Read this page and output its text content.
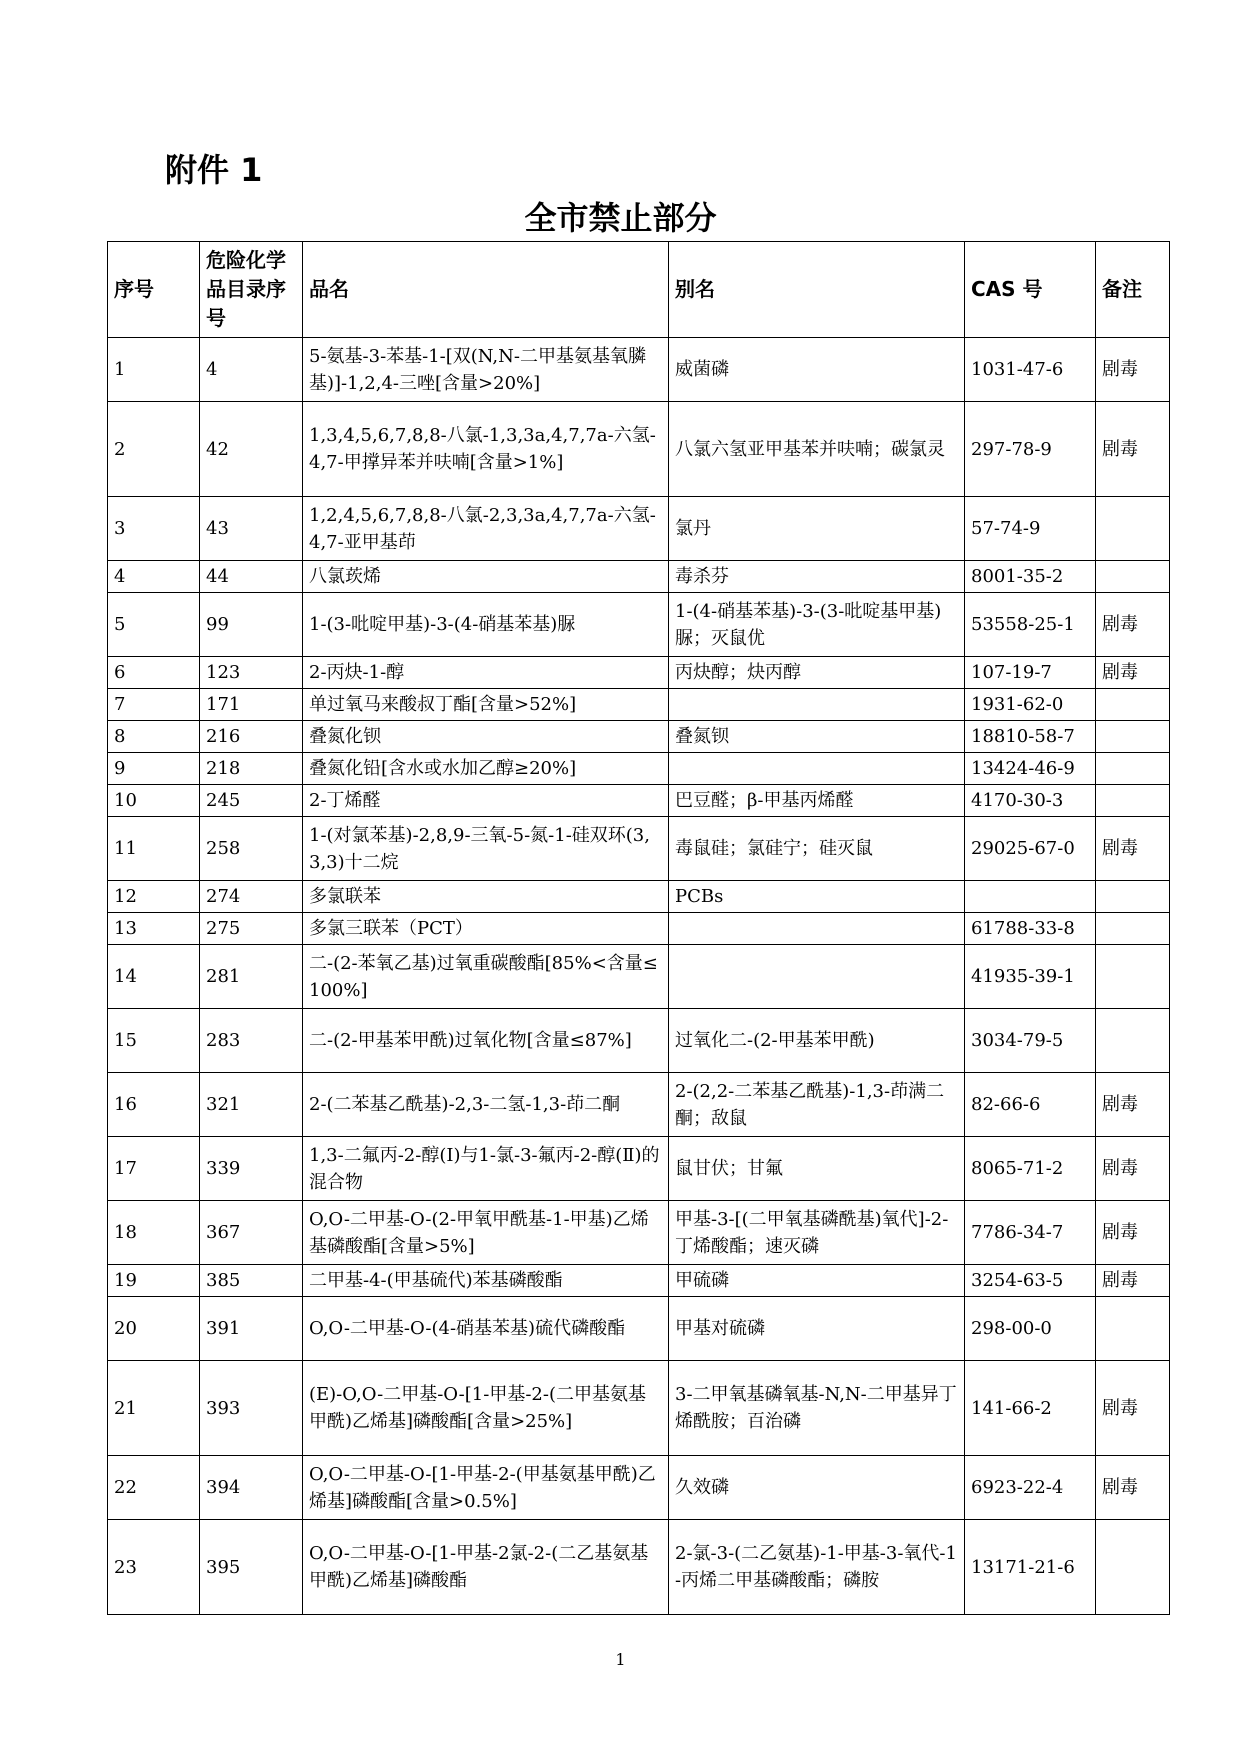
附件 1
全市禁止部分
序号	危险化学品目录序号	品名	别名	CAS 号	备注
1	4	5-氨基-3-苯基-1-[双(N,N-二甲基氨基氧膦基)]-1,2,4-三唑[含量>20%]	威菌磷	1031-47-6	剧毒
2	42	1,3,4,5,6,7,8,8-八氯-1,3,3a,4,7,7a-六氢-4,7-甲撑异苯并呋喃[含量>1%]	八氯六氢亚甲基苯并呋喃；碳氯灵	297-78-9	剧毒
3	43	1,2,4,5,6,7,8,8-八氯-2,3,3a,4,7,7a-六氢-4,7-亚甲基茚	氯丹	57-74-9	
4	44	八氯莰烯	毒杀芬	8001-35-2	
5	99	1-(3-吡啶甲基)-3-(4-硝基苯基)脲	1-(4-硝基苯基)-3-(3-吡啶基甲基)脲；灭鼠优	53558-25-1	剧毒
6	123	2-丙炔-1-醇	丙炔醇；炔丙醇	107-19-7	剧毒
7	171	单过氧马来酸叔丁酯[含量>52%]		1931-62-0	
8	216	叠氮化钡	叠氮钡	18810-58-7	
9	218	叠氮化铅[含水或水加乙醇≥20%]		13424-46-9	
10	245	2-丁烯醛	巴豆醛；β-甲基丙烯醛	4170-30-3	
11	258	1-(对氯苯基)-2,8,9-三氧-5-氮-1-硅双环(3,3,3)十二烷	毒鼠硅；氯硅宁；硅灭鼠	29025-67-0	剧毒
12	274	多氯联苯	PCBs		
13	275	多氯三联苯（PCT）		61788-33-8	
14	281	二-(2-苯氧乙基)过氧重碳酸酯[85%<含量≤100%]		41935-39-1	
15	283	二-(2-甲基苯甲酰)过氧化物[含量≤87%]	过氧化二-(2-甲基苯甲酰)	3034-79-5	
16	321	2-(二苯基乙酰基)-2,3-二氢-1,3-茚二酮	2-(2,2-二苯基乙酰基)-1,3-茚满二酮；敌鼠	82-66-6	剧毒
17	339	1,3-二氟丙-2-醇(Ⅰ)与1-氯-3-氟丙-2-醇(Ⅱ)的混合物	鼠甘伏；甘氟	8065-71-2	剧毒
18	367	O,O-二甲基-O-(2-甲氧甲酰基-1-甲基)乙烯基磷酸酯[含量>5%]	甲基-3-[(二甲氧基磷酰基)氧代]-2-丁烯酸酯；速灭磷	7786-34-7	剧毒
19	385	二甲基-4-(甲基硫代)苯基磷酸酯	甲硫磷	3254-63-5	剧毒
20	391	O,O-二甲基-O-(4-硝基苯基)硫代磷酸酯	甲基对硫磷	298-00-0	
21	393	(E)-O,O-二甲基-O-[1-甲基-2-(二甲基氨基甲酰)乙烯基]磷酸酯[含量>25%]	3-二甲氧基磷氧基-N,N-二甲基异丁烯酰胺；百治磷	141-66-2	剧毒
22	394	O,O-二甲基-O-[1-甲基-2-(甲基氨基甲酰)乙烯基]磷酸酯[含量>0.5%]	久效磷	6923-22-4	剧毒
23	395	O,O-二甲基-O-[1-甲基-2氯-2-(二乙基氨基甲酰)乙烯基]磷酸酯	2-氯-3-(二乙氨基)-1-甲基-3-氧代-1-丙烯二甲基磷酸酯；磷胺	13171-21-6	
1
